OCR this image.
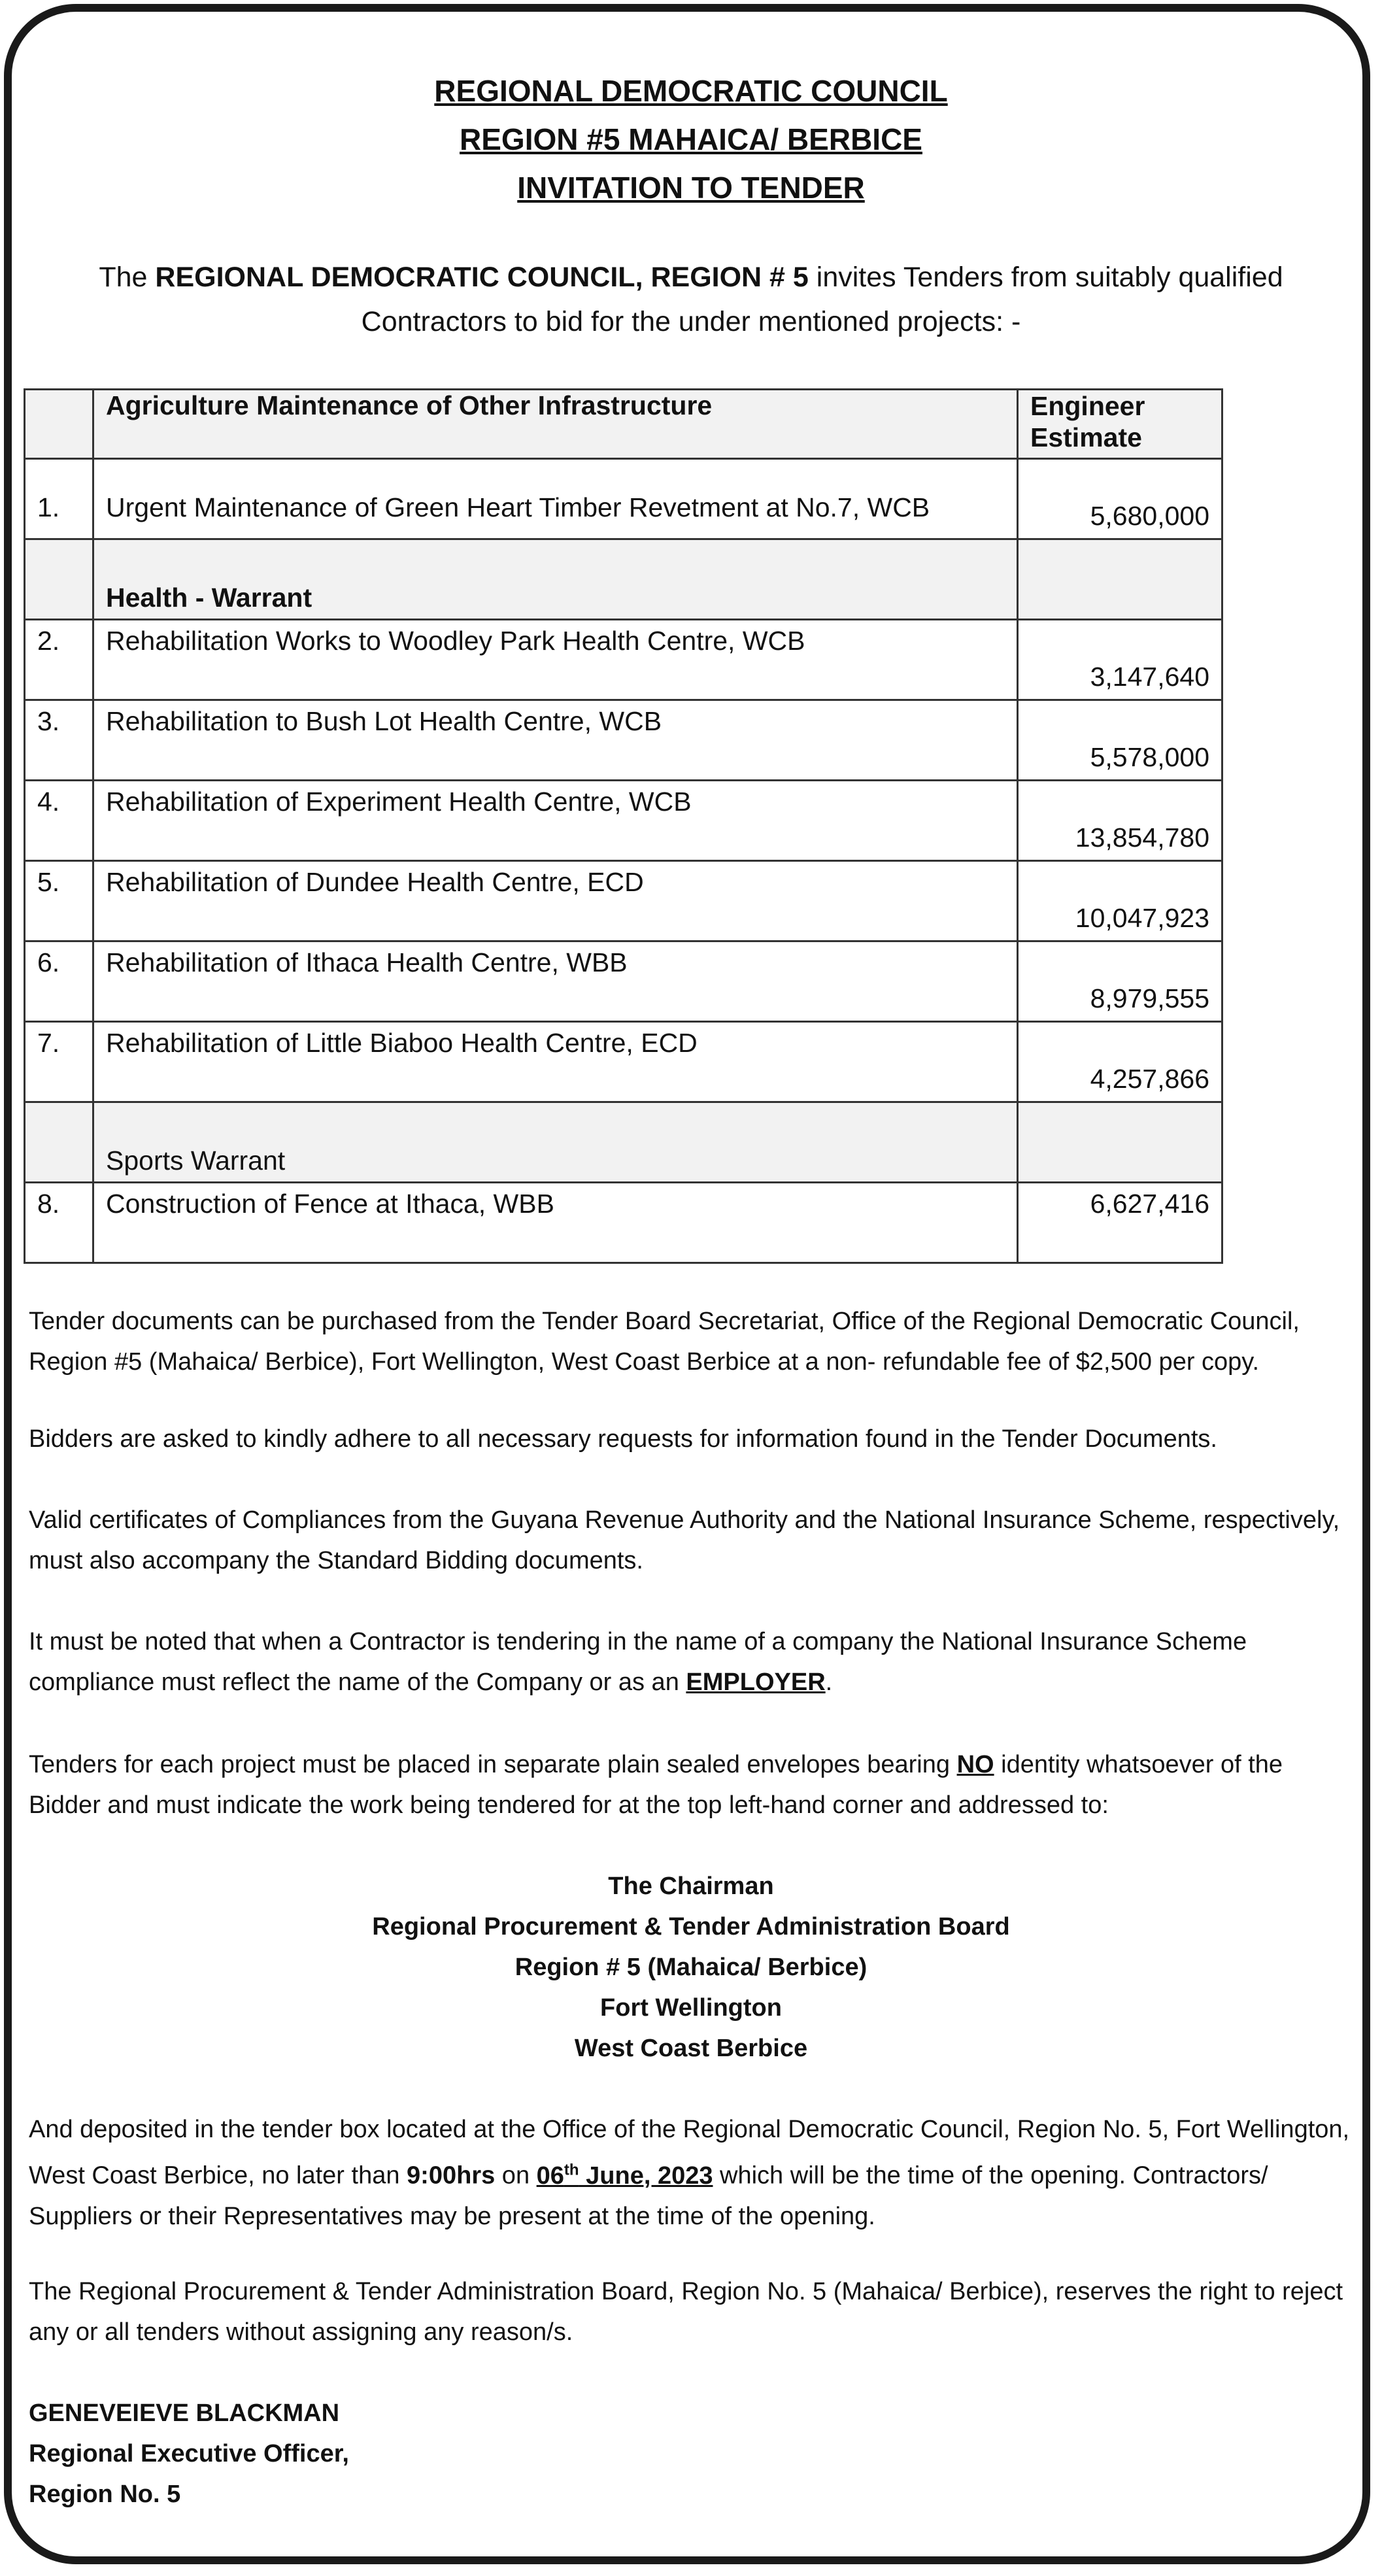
REGIONAL DEMOCRATIC COUNCIL
REGION #5 MAHAICA/ BERBICE
INVITATION TO TENDER
The REGIONAL DEMOCRATIC COUNCIL, REGION # 5 invites Tenders from suitably qualified Contractors to bid for the under mentioned projects: -
	Agriculture Maintenance of Other Infrastructure	Engineer
Estimate
1.	Urgent Maintenance of Green Heart Timber Revetment at No.7, WCB	5,680,000
	Health - Warrant	
2.	Rehabilitation Works to Woodley Park Health Centre, WCB	3,147,640
3.	Rehabilitation to Bush Lot Health Centre, WCB	5,578,000
4.	Rehabilitation of Experiment Health Centre, WCB	13,854,780
5.	Rehabilitation of Dundee Health Centre, ECD	10,047,923
6.	Rehabilitation of Ithaca Health Centre, WBB	8,979,555
7.	Rehabilitation of Little Biaboo Health Centre, ECD	4,257,866
	Sports Warrant	
8.	Construction of Fence at Ithaca, WBB	6,627,416
Tender documents can be purchased from the Tender Board Secretariat, Office of the Regional Democratic Council, Region #5 (Mahaica/ Berbice), Fort Wellington, West Coast Berbice at a non- refundable fee of $2,500 per copy.
Bidders are asked to kindly adhere to all necessary requests for information found in the Tender Documents.
Valid certificates of Compliances from the Guyana Revenue Authority and the National Insurance Scheme, respectively, must also accompany the Standard Bidding documents.
It must be noted that when a Contractor is tendering in the name of a company the National Insurance Scheme compliance must reflect the name of the Company or as an EMPLOYER.
Tenders for each project must be placed in separate plain sealed envelopes bearing NO identity whatsoever of the Bidder and must indicate the work being tendered for at the top left-hand corner and addressed to:
The Chairman
Regional Procurement & Tender Administration Board
Region # 5 (Mahaica/ Berbice)
Fort Wellington
West Coast Berbice
And deposited in the tender box located at the Office of the Regional Democratic Council, Region No. 5, Fort Wellington, West Coast Berbice, no later than 9:00hrs on 06th June, 2023 which will be the time of the opening. Contractors/ Suppliers or their Representatives may be present at the time of the opening.
The Regional Procurement & Tender Administration Board, Region No. 5 (Mahaica/ Berbice), reserves the right to reject any or all tenders without assigning any reason/s.
GENEVEIEVE BLACKMAN
Regional Executive Officer,
Region No. 5
